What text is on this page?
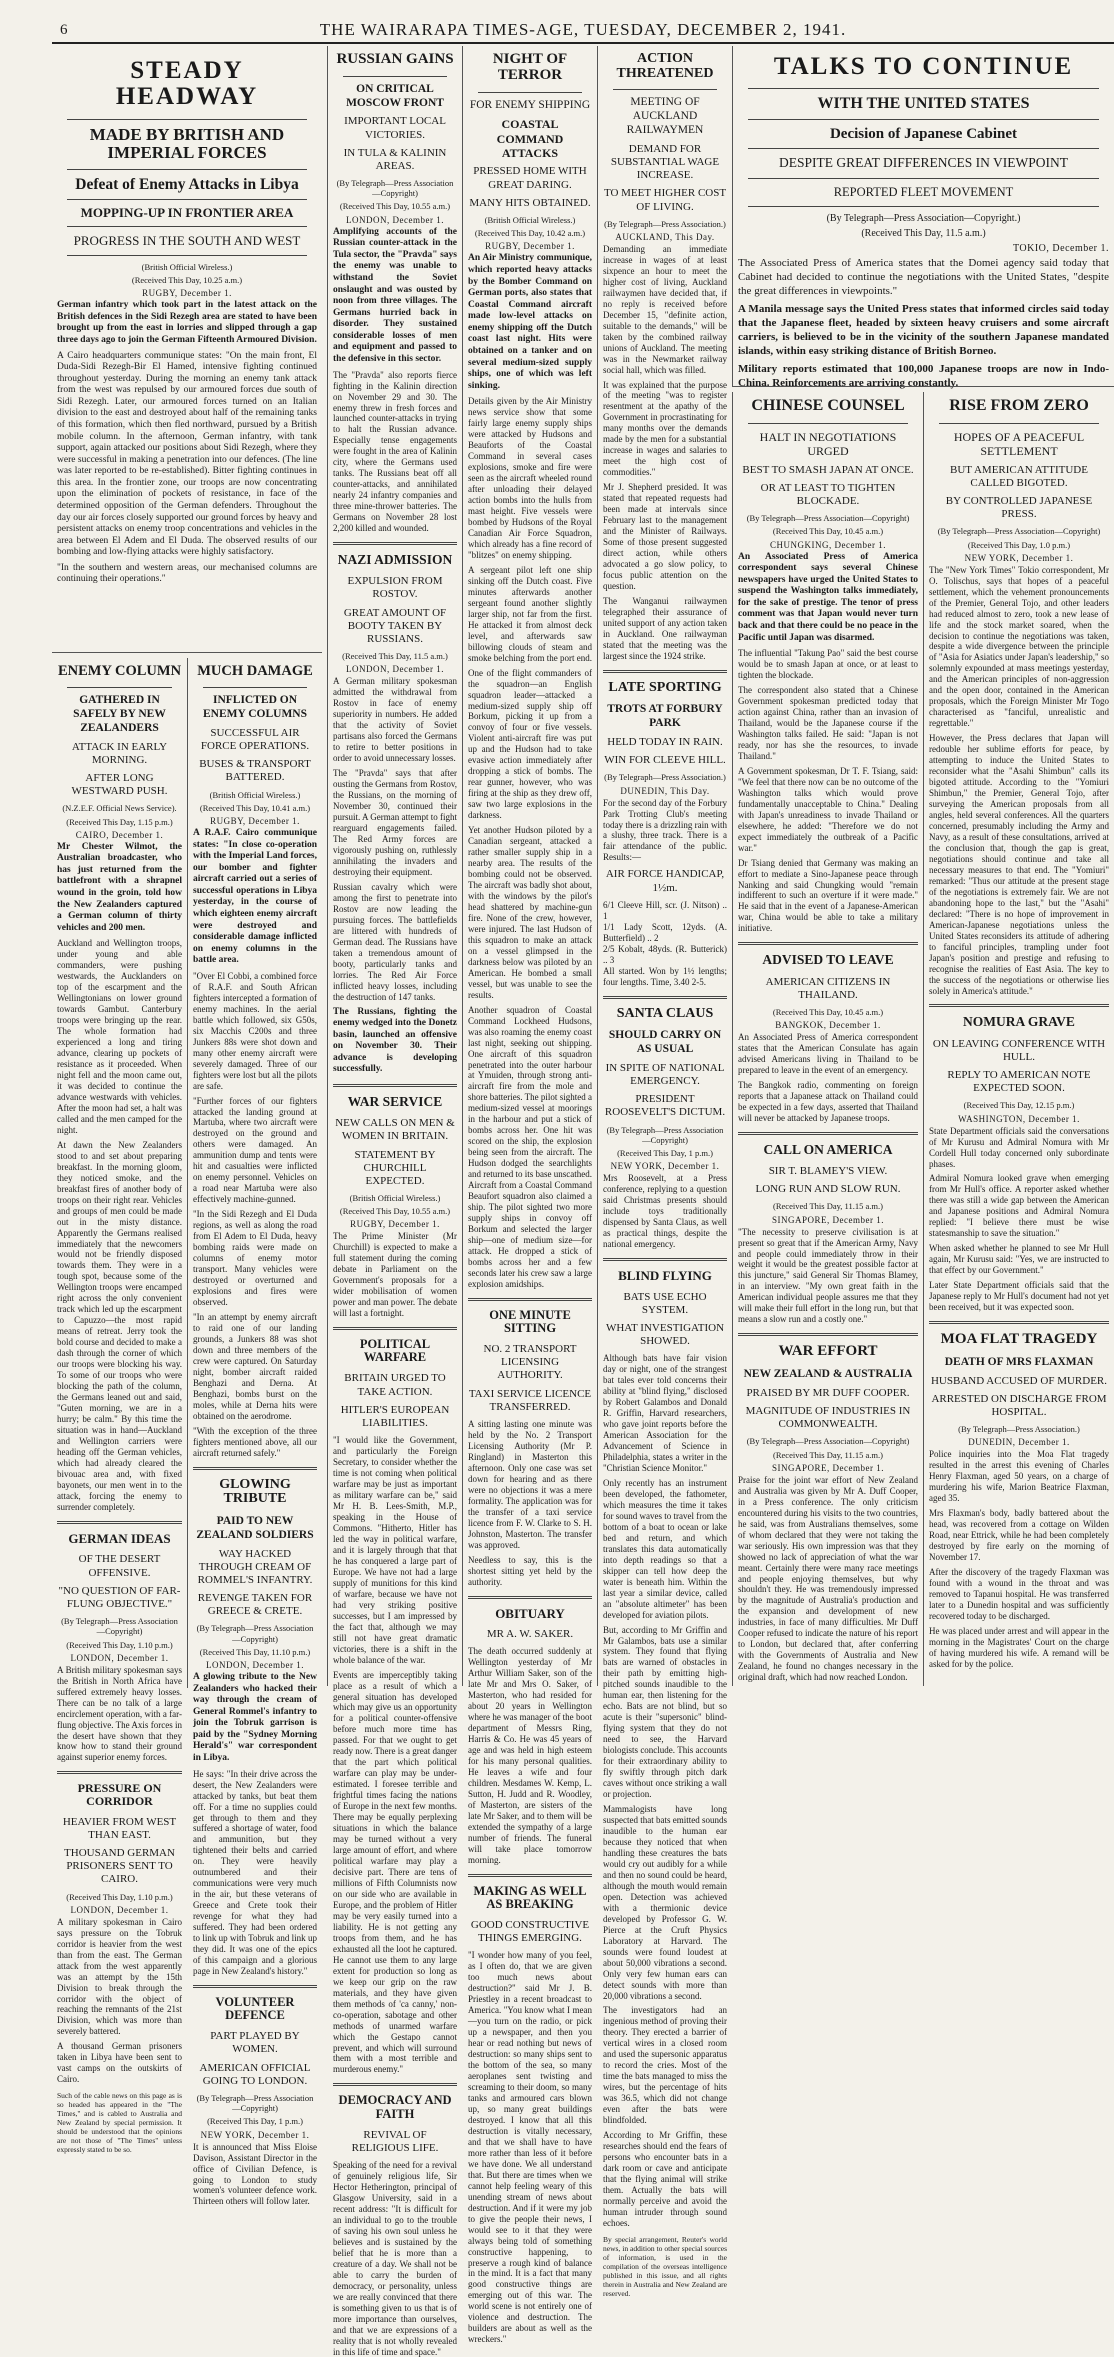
6	THE WAIRARAPA TIMES-AGE, TUESDAY, DECEMBER 2, 1941.
STEADY HEADWAY
MADE BY BRITISH AND IMPERIAL FORCES
Defeat of Enemy Attacks in Libya
MOPPING-UP IN FRONTIER AREA
PROGRESS IN THE SOUTH AND WEST
(British Official Wireless.)
(Received This Day, 10.25 a.m.)
RUGBY, December 1.

German infantry which took part in the latest attack on the British defences in the Sidi Rezegh area are stated to have been brought up from the east in lorries and slipped through a gap three days ago to join the German Fifteenth Armoured Division.

A Cairo headquarters communique states: "On the main front, El Duda-Sidi Rezegh-Bir El Hamed, intensive fighting continued throughout yesterday. During the morning an enemy tank attack from the west was repulsed by our armoured forces due south of Sidi Rezegh. Later, our armoured forces turned on an Italian division to the east and destroyed about half of the remaining tanks of this formation, which then fled northward, pursued by a British mobile column. In the afternoon, German infantry, with tank support, again attacked our positions about Sidi Rezegh, where they were successful in making a penetration into our defences. (The line was later reported to be re-established). Bitter fighting continues in this area. In the frontier zone, our troops are now concentrating upon the elimination of pockets of resistance, in face of the determined opposition of the German defenders. Throughout the day our air forces closely supported our ground forces by heavy and persistent attacks on enemy troop concentrations and vehicles in the area between El Adem and El Duda. The observed results of our bombing and low-flying attacks were highly satisfactory.

"In the southern and western areas, our mechanised columns are continuing their operations."

ENEMY COLUMN
GATHERED IN SAFELY BY NEW ZEALANDERS
ATTACK IN EARLY MORNING.
AFTER LONG WESTWARD PUSH.
(N.Z.E.F. Official News Service).
(Received This Day, 1.15 p.m.)
CAIRO, December 1.

Mr Chester Wilmot, the Australian broadcaster, who has just returned from the battlefront with a shrapnel wound in the groin, told how the New Zealanders captured a German column of thirty vehicles and 200 men.

Auckland and Wellington troops, under young and able commanders, were pushing westwards, the Aucklanders on top of the escarpment and the Wellingtonians on lower ground towards Gambut. Canterbury troops were bringing up the rear. The whole formation had experienced a long and tiring advance, clearing up pockets of resistance as it proceeded. When night fell and the moon came out, it was decided to continue the advance westwards with vehicles. After the moon had set, a halt was called and the men camped for the night.

At dawn the New Zealanders stood to and set about preparing breakfast. In the morning gloom, they noticed smoke, and the breakfast fires of another body of troops on their right rear. Vehicles and groups of men could be made out in the misty distance. Apparently the Germans realised immediately that the newcomers would not be friendly disposed towards them. They were in a tough spot, because some of the Wellington troops were encamped right across the only convenient track which led up the escarpment to Capuzzo—the most rapid means of retreat. Jerry took the bold course and decided to make a dash through the corner of which our troops were blocking his way. To some of our troops who were blocking the path of the column, the Germans leaned out and said, "Guten morning, we are in a hurry; be calm." By this time the situation was in hand—Auckland and Wellington carriers were heading off the German vehicles, which had already cleared the bivouac area and, with fixed bayonets, our men went in to the attack, forcing the enemy to surrender completely.

GERMAN IDEAS
OF THE DESERT OFFENSIVE.
"NO QUESTION OF FAR-FLUNG OBJECTIVE."
(By Telegraph—Press Association—Copyright)
(Received This Day, 1.10 p.m.)
LONDON, December 1.

A British military spokesman says the British in North Africa have suffered extremely heavy losses. There can be no talk of a large encirclement operation, with a far-flung objective. The Axis forces in the desert have shown that they know how to stand their ground against superior enemy forces.

PRESSURE ON CORRIDOR
HEAVIER FROM WEST THAN EAST.
THOUSAND GERMAN PRISONERS SENT TO CAIRO.
(Received This Day, 1.10 p.m.)
LONDON, December 1.

A military spokesman in Cairo says pressure on the Tobruk corridor is heavier from the west than from the east. The German attack from the west apparently was an attempt by the 15th Division to break through the corridor with the object of reaching the remnants of the 21st Division, which was more than severely battered.

A thousand German prisoners taken in Libya have been sent to vast camps on the outskirts of Cairo.

Such of the cable news on this page as is so headed has appeared in the "The Times," and is cabled to Australia and New Zealand by special permission. It should be understood that the opinions are not those of "The Times" unless expressly stated to be so.

MUCH DAMAGE
INFLICTED ON ENEMY COLUMNS
SUCCESSFUL AIR FORCE OPERATIONS.
BUSES & TRANSPORT BATTERED.
(British Official Wireless.)
(Received This Day, 10.41 a.m.)
RUGBY, December 1.

A R.A.F. Cairo communique states: "In close co-operation with the Imperial Land forces, our bomber and fighter aircraft carried out a series of successful operations in Libya yesterday, in the course of which eighteen enemy aircraft were destroyed and considerable damage inflicted on enemy columns in the battle area.

"Over El Cobbi, a combined force of R.A.F. and South African fighters intercepted a formation of enemy machines. In the aerial battle which followed, six G50s, six Macchis C200s and three Junkers 88s were shot down and many other enemy aircraft were severely damaged. Three of our fighters were lost but all the pilots are safe.

"Further forces of our fighters attacked the landing ground at Martuba, where two aircraft were destroyed on the ground and others were damaged. An ammunition dump and tents were hit and casualties were inflicted on enemy personnel. Vehicles on a road near Martuba were also effectively machine-gunned.

"In the Sidi Rezegh and El Duda regions, as well as along the road from El Adem to El Duda, heavy bombing raids were made on columns of enemy motor transport. Many vehicles were destroyed or overturned and explosions and fires were observed.

"In an attempt by enemy aircraft to raid one of our landing grounds, a Junkers 88 was shot down and three members of the crew were captured. On Saturday night, bomber aircraft raided Benghazi and Derna. At Benghazi, bombs burst on the moles, while at Derna hits were obtained on the aerodrome.

"With the exception of the three fighters mentioned above, all our aircraft returned safely."

GLOWING TRIBUTE
PAID TO NEW ZEALAND SOLDIERS
WAY HACKED THROUGH CREAM OF ROMMEL'S INFANTRY.
REVENGE TAKEN FOR GREECE & CRETE.
(By Telegraph—Press Association—Copyright)
(Received This Day, 11.10 p.m.)
LONDON, December 1.

A glowing tribute to the New Zealanders who hacked their way through the cream of General Rommel's infantry to join the Tobruk garrison is paid by the "Sydney Morning Herald's" war correspondent in Libya.

He says: "In their drive across the desert, the New Zealanders were attacked by tanks, but beat them off. For a time no supplies could get through to them and they suffered a shortage of water, food and ammunition, but they tightened their belts and carried on. They were heavily outnumbered and their communications were very much in the air, but these veterans of Greece and Crete took their revenge for what they had suffered. They had been ordered to link up with Tobruk and link up they did. It was one of the epics of this campaign and a glorious page in New Zealand's history."

VOLUNTEER DEFENCE
PART PLAYED BY WOMEN.
AMERICAN OFFICIAL GOING TO LONDON.
(By Telegraph—Press Association—Copyright)
(Received This Day, 1 p.m.)
NEW YORK, December 1.

It is announced that Miss Eloise Davison, Assistant Director in the office of Civilian Defence, is going to London to study women's volunteer defence work. Thirteen others will follow later.

RUSSIAN GAINS
ON CRITICAL MOSCOW FRONT
IMPORTANT LOCAL VICTORIES.
IN TULA & KALININ AREAS.
(By Telegraph—Press Association—Copyright)
(Received This Day, 10.55 a.m.)
LONDON, December 1.

Amplifying accounts of the Russian counter-attack in the Tula sector, the "Pravda" says the enemy was unable to withstand the Soviet onslaught and was ousted by noon from three villages. The Germans hurried back in disorder. They sustained considerable losses of men and equipment and passed to the defensive in this sector.

The "Pravda" also reports fierce fighting in the Kalinin direction on November 29 and 30. The enemy threw in fresh forces and launched counter-attacks in trying to halt the Russian advance. Especially tense engagements were fought in the area of Kalinin city, where the Germans used tanks. The Russians beat off all counter-attacks, and annihilated nearly 24 infantry companies and three mine-thrower batteries. The Germans on November 28 lost 2,200 killed and wounded.

NAZI ADMISSION
EXPULSION FROM ROSTOV.
GREAT AMOUNT OF BOOTY TAKEN BY RUSSIANS.
(Received This Day, 11.5 a.m.)
LONDON, December 1.

A German military spokesman admitted the withdrawal from Rostov in face of enemy superiority in numbers. He added that the activity of Soviet partisans also forced the Germans to retire to better positions in order to avoid unnecessary losses.

The "Pravda" says that after ousting the Germans from Rostov, the Russians, on the morning of November 30, continued their pursuit. A German attempt to fight rearguard engagements failed. The Red Army forces are vigorously pushing on, ruthlessly annihilating the invaders and destroying their equipment.

Russian cavalry which were among the first to penetrate into Rostov are now leading the pursuing forces. The battlefields are littered with hundreds of German dead. The Russians have taken a tremendous amount of booty, particularly tanks and lorries. The Red Air Force inflicted heavy losses, including the destruction of 147 tanks.

The Russians, fighting the enemy wedged into the Donetz basin, launched an offensive on November 30. Their advance is developing successfully.

WAR SERVICE
NEW CALLS ON MEN & WOMEN IN BRITAIN.
STATEMENT BY CHURCHILL EXPECTED.
(British Official Wireless.)
(Received This Day, 10.55 a.m.)
RUGBY, December 1.

The Prime Minister (Mr Churchill) is expected to make a full statement during the coming debate in Parliament on the Government's proposals for a wider mobilisation of women power and man power. The debate will last a fortnight.

POLITICAL WARFARE
BRITAIN URGED TO TAKE ACTION.
HITLER'S EUROPEAN LIABILITIES.

"I would like the Government, and particularly the Foreign Secretary, to consider whether the time is not coming when political warfare may be just as important as military warfare can be," said Mr H. B. Lees-Smith, M.P., speaking in the House of Commons. "Hitherto, Hitler has led the way in political warfare, and it is largely through that that he has conquered a large part of Europe. We have not had a large supply of munitions for this kind of warfare, because we have not had very striking positive successes, but I am impressed by the fact that, although we may still not have great dramatic victories, there is a shift in the whole balance of the war.

Events are imperceptibly taking place as a result of which a general situation has developed which may give us an opportunity for a political counter-offensive before much more time has passed. For that we ought to get ready now. There is a great danger that the part which political warfare can play may be under-estimated. I foresee terrible and frightful times facing the nations of Europe in the next few months. There may be equally perplexing situations in which the balance may be turned without a very large amount of effort, and where political warfare may play a decisive part. There are tens of millions of Fifth Columnists now on our side who are available in Europe, and the problem of Hitler may be very easily turned into a liability. He is not getting any troops from them, and he has exhausted all the loot he captured. He cannot use them to any large extent for production so long as we keep our grip on the raw materials, and they have given them methods of 'ca canny,' non-co-operation, sabotage and other methods of unarmed warfare which the Gestapo cannot prevent, and which will surround them with a most terrible and murderous enemy."

DEMOCRACY AND FAITH
REVIVAL OF RELIGIOUS LIFE.

Speaking of the need for a revival of genuinely religious life, Sir Hector Hetherington, principal of Glasgow University, said in a recent address: "It is difficult for an individual to go to the trouble of saving his own soul unless he believes and is sustained by the belief that he is more than a creature of a day. We shall not be able to carry the burden of democracy, or personality, unless we are really convinced that there is something given to us that is of more importance than ourselves, and that we are expressions of a reality that is not wholly revealed in this life of time and space."

NIGHT OF TERROR
FOR ENEMY SHIPPING
COASTAL COMMAND ATTACKS
PRESSED HOME WITH GREAT DARING.
MANY HITS OBTAINED.
(British Official Wireless.)
(Received This Day, 10.42 a.m.)
RUGBY, December 1.

An Air Ministry communique, which reported heavy attacks by the Bomber Command on German ports, also states that Coastal Command aircraft made low-level attacks on enemy shipping off the Dutch coast last night. Hits were obtained on a tanker and on several medium-sized supply ships, one of which was left sinking.

Details given by the Air Ministry news service show that some fairly large enemy supply ships were attacked by Hudsons and Beauforts of the Coastal Command in several cases explosions, smoke and fire were seen as the aircraft wheeled round after unloading their delayed action bombs into the hulls from mast height. Five vessels were bombed by Hudsons of the Royal Canadian Air Force Squadron, which already has a fine record of "blitzes" on enemy shipping.

A sergeant pilot left one ship sinking off the Dutch coast. Five minutes afterwards another sergeant found another slightly larger ship, not far from the first. He attacked it from almost deck level, and afterwards saw billowing clouds of steam and smoke belching from the port end.

One of the flight commanders of the squadron—an English squadron leader—attacked a medium-sized supply ship off Borkum, picking it up from a convoy of four or five vessels. Violent anti-aircraft fire was put up and the Hudson had to take evasive action immediately after dropping a stick of bombs. The rear gunner, however, who was firing at the ship as they drew off, saw two large explosions in the darkness.

Yet another Hudson piloted by a Canadian sergeant, attacked a rather smaller supply ship in a nearby area. The results of the bombing could not be observed. The aircraft was badly shot about, with the windows by the pilot's head shattered by machine-gun fire. None of the crew, however, were injured. The last Hudson of this squadron to make an attack on a vessel glimpsed in the darkness below was piloted by an American. He bombed a small vessel, but was unable to see the results.

Another squadron of Coastal Command Lockheed Hudsons, was also roaming the enemy coast last night, seeking out shipping. One aircraft of this squadron penetrated into the outer harbour at Ymuiden, through strong anti-aircraft fire from the mole and shore batteries. The pilot sighted a medium-sized vessel at moorings in the harbour and put a stick of bombs across her. One hit was scored on the ship, the explosion being seen from the aircraft. The Hudson dodged the searchlights and returned to its base unscathed. Aircraft from a Coastal Command Beaufort squadron also claimed a ship. The pilot sighted two more supply ships in convoy off Borkum and selected the larger ship—one of medium size—for attack. He dropped a stick of bombs across her and a few seconds later his crew saw a large explosion amidships.

ONE MINUTE SITTING
NO. 2 TRANSPORT LICENSING AUTHORITY.
TAXI SERVICE LICENCE TRANSFERRED.

A sitting lasting one minute was held by the No. 2 Transport Licensing Authority (Mr P. Ringland) in Masterton this afternoon. Only one case was set down for hearing and as there were no objections it was a mere formality. The application was for the transfer of a taxi service licence from F. W. Clarke to S. H. Johnston, Masterton. The transfer was approved.

Needless to say, this is the shortest sitting yet held by the authority.

OBITUARY
MR A. W. SAKER.

The death occurred suddenly at Wellington yesterday of Mr Arthur William Saker, son of the late Mr and Mrs O. Saker, of Masterton, who had resided for about 20 years in Wellington where he was manager of the boot department of Messrs Ring, Harris & Co. He was 45 years of age and was held in high esteem for his many personal qualities. He leaves a wife and four children. Mesdames W. Kemp, L. Sutton, H. Judd and R. Woodley, of Masterton, are sisters of the late Mr Saker, and to them will be extended the sympathy of a large number of friends. The funeral will take place tomorrow morning.

MAKING AS WELL AS BREAKING
GOOD CONSTRUCTIVE THINGS EMERGING.

"I wonder how many of you feel, as I often do, that we are given too much news about destruction?" said Mr J. B. Priestley in a recent broadcast to America. "You know what I mean—you turn on the radio, or pick up a newspaper, and then you hear or read nothing but news of destruction: so many ships sent to the bottom of the sea, so many aeroplanes sent twisting and screaming to their doom, so many tanks and armoured cars blown up, so many great buildings destroyed. I know that all this destruction is vitally necessary, and that we shall have to have more rather than less of it before we have done. We all understand that. But there are times when we cannot help feeling weary of this unending stream of news about destruction. And if it were my job to give the people their news, I would see to it that they were always being told of something constructive happening, to preserve a rough kind of balance in the mind. It is a fact that many good constructive things are emerging out of this war. The world scene is not entirely one of violence and destruction. The builders are about as well as the wreckers."

ACTION THREATENED
MEETING OF AUCKLAND RAILWAYMEN
DEMAND FOR SUBSTANTIAL WAGE INCREASE.
TO MEET HIGHER COST OF LIVING.
(By Telegraph—Press Association.)
AUCKLAND, This Day.

Demanding an immediate increase in wages of at least sixpence an hour to meet the higher cost of living, Auckland railwaymen have decided that, if no reply is received before December 15, "definite action, suitable to the demands," will be taken by the combined railway unions of Auckland. The meeting was in the Newmarket railway social hall, which was filled.

It was explained that the purpose of the meeting "was to register resentment at the apathy of the Government in procrastinating for many months over the demands made by the men for a substantial increase in wages and salaries to meet the high cost of commodities."

Mr J. Shepherd presided. It was stated that repeated requests had been made at intervals since February last to the management and the Minister of Railways. Some of those present suggested direct action, while others advocated a go slow policy, to focus public attention on the question.

The Wanganui railwaymen telegraphed their assurance of united support of any action taken in Auckland. One railwayman stated that the meeting was the largest since the 1924 strike.

LATE SPORTING
TROTS AT FORBURY PARK
HELD TODAY IN RAIN.
WIN FOR CLEEVE HILL.
(By Telegraph—Press Association.)
DUNEDIN, This Day.

For the second day of the Forbury Park Trotting Club's meeting today there is a drizzling rain with a slushy, three track. There is a fair attendance of the public. Results:—

AIR FORCE HANDICAP, 1½m.

6/1 Cleeve Hill, scr. (J. Nitson) .. 1

1/1 Lady Scott, 12yds. (A. Butterfield) .. 2

2/5 Kobalt, 48yds. (R. Butterick) .. 3

All started. Won by 1½ lengths; four lengths. Time, 3.40 2-5.

SANTA CLAUS
SHOULD CARRY ON AS USUAL
IN SPITE OF NATIONAL EMERGENCY.
PRESIDENT ROOSEVELT'S DICTUM.
(By Telegraph—Press Association—Copyright)
(Received This Day, 1 p.m.)
NEW YORK, December 1.

Mrs Roosevelt, at a Press conference, replying to a question said Christmas presents should include toys traditionally dispensed by Santa Claus, as well as practical things, despite the national emergency.

BLIND FLYING
BATS USE ECHO SYSTEM.
WHAT INVESTIGATION SHOWED.

Although bats have fair vision day or night, one of the strangest bat tales ever told concerns their ability at "blind flying," disclosed by Robert Galambos and Donald R. Griffin, Harvard researchers, who gave joint reports before the American Association for the Advancement of Science in Philadelphia, states a writer in the "Christian Science Monitor."

Only recently has an instrument been developed, the fathometer, which measures the time it takes for sound waves to travel from the bottom of a boat to ocean or lake bed and return, and which translates this data automatically into depth readings so that a skipper can tell how deep the water is beneath him. Within the last year a similar device, called an "absolute altimeter" has been developed for aviation pilots.

But, according to Mr Griffin and Mr Galambos, bats use a similar system. They found that flying bats are warned of obstacles in their path by emitting high-pitched sounds inaudible to the human ear, then listening for the echo. Bats are not blind, but so acute is their "supersonic" blind-flying system that they do not need to see, the Harvard biologists conclude. This accounts for their extraordinary ability to fly swiftly through pitch dark caves without once striking a wall or projection.

Mammalogists have long suspected that bats emitted sounds inaudible to the human ear because they noticed that when handling these creatures the bats would cry out audibly for a while and then no sound could be heard, although the mouth would remain open. Detection was achieved with a thermionic device developed by Professor G. W. Pierce at the Cruft Physics Laboratory at Harvard. The sounds were found loudest at about 50,000 vibrations a second. Only very few human ears can detect sounds with more than 20,000 vibrations a second.

The investigators had an ingenious method of proving their theory. They erected a barrier of vertical wires in a closed room and used the supersonic apparatus to record the cries. Most of the time the bats managed to miss the wires, but the percentage of hits was 36.5, which did not change even after the bats were blindfolded.

According to Mr Griffin, these researches should end the fears of persons who encounter bats in a dark room or cave and anticipate that the flying animal will strike them. Actually the bats will normally perceive and avoid the human intruder through sound echoes.

By special arrangement, Reuter's world news, in addition to other special sources of information, is used in the compilation of the overseas intelligence published in this issue, and all rights therein in Australia and New Zealand are reserved.

TALKS TO CONTINUE
WITH THE UNITED STATES
Decision of Japanese Cabinet
DESPITE GREAT DIFFERENCES IN VIEWPOINT
REPORTED FLEET MOVEMENT
(By Telegraph—Press Association—Copyright.)
(Received This Day, 11.5 a.m.)
TOKIO, December 1.

The Associated Press of America states that the Domei agency said today that Cabinet had decided to continue the negotiations with the United States, "despite the great differences in viewpoints."

A Manila message says the United Press states that informed circles said today that the Japanese fleet, headed by sixteen heavy cruisers and some aircraft carriers, is believed to be in the vicinity of the southern Japanese mandated islands, within easy striking distance of British Borneo.

Military reports estimated that 100,000 Japanese troops are now in Indo-China. Reinforcements are arriving constantly.

CHINESE COUNSEL
HALT IN NEGOTIATIONS URGED
BEST TO SMASH JAPAN AT ONCE.
OR AT LEAST TO TIGHTEN BLOCKADE.
(By Telegraph—Press Association—Copyright)
(Received This Day, 10.45 a.m.)
CHUNGKING, December 1.

An Associated Press of America correspondent says several Chinese newspapers have urged the United States to suspend the Washington talks immediately, for the sake of prestige. The tenor of press comment was that Japan would never turn back and that there could be no peace in the Pacific until Japan was disarmed.

The influential "Takung Pao" said the best course would be to smash Japan at once, or at least to tighten the blockade.

The correspondent also stated that a Chinese Government spokesman predicted today that action against China, rather than an invasion of Thailand, would be the Japanese course if the Washington talks failed. He said: "Japan is not ready, nor has she the resources, to invade Thailand."

A Government spokesman, Dr T. F. Tsiang, said: "We feel that there now can be no outcome of the Washington talks which would prove fundamentally unacceptable to China." Dealing with Japan's unreadiness to invade Thailand or elsewhere, he added: "Therefore we do not expect immediately the outbreak of a Pacific war."

Dr Tsiang denied that Germany was making an effort to mediate a Sino-Japanese peace through Nanking and said Chungking would "remain indifferent to such an overture if it were made." He said that in the event of a Japanese-American war, China would be able to take a military initiative.

ADVISED TO LEAVE
AMERICAN CITIZENS IN THAILAND.
(Received This Day, 10.45 a.m.)
BANGKOK, December 1.

An Associated Press of America correspondent states that the American Consulate has again advised Americans living in Thailand to be prepared to leave in the event of an emergency.

The Bangkok radio, commenting on foreign reports that a Japanese attack on Thailand could be expected in a few days, asserted that Thailand will never be attacked by Japanese troops.

CALL ON AMERICA
SIR T. BLAMEY'S VIEW.
LONG RUN AND SLOW RUN.
(Received This Day, 11.15 a.m.)
SINGAPORE, December 1.

"The necessity to preserve civilisation is at present so great that if the American Army, Navy and people could immediately throw in their weight it would be the greatest possible factor at this juncture," said General Sir Thomas Blamey, in an interview. "My own great faith in the American individual people assures me that they will make their full effort in the long run, but that means a slow run and a costly one."

WAR EFFORT
NEW ZEALAND & AUSTRALIA
PRAISED BY MR DUFF COOPER.
MAGNITUDE OF INDUSTRIES IN COMMONWEALTH.
(By Telegraph—Press Association—Copyright)
(Received This Day, 11.15 a.m.)
SINGAPORE, December 1.

Praise for the joint war effort of New Zealand and Australia was given by Mr A. Duff Cooper, in a Press conference. The only criticism encountered during his visits to the two countries, he said, was from Australians themselves, some of whom declared that they were not taking the war seriously. His own impression was that they showed no lack of appreciation of what the war meant. Certainly there were many race meetings and people enjoying themselves, but why shouldn't they. He was tremendously impressed by the magnitude of Australia's production and the expansion and development of new industries, in face of many difficulties. Mr Duff Cooper refused to indicate the nature of his report to London, but declared that, after conferring with the Governments of Australia and New Zealand, he found no changes necessary in the original draft, which had now reached London.

RISE FROM ZERO
HOPES OF A PEACEFUL SETTLEMENT
BUT AMERICAN ATTITUDE CALLED BIGOTED.
BY CONTROLLED JAPANESE PRESS.
(By Telegraph—Press Association—Copyright)
(Received This Day, 1.0 p.m.)
NEW YORK, December 1.

The "New York Times" Tokio correspondent, Mr O. Tolischus, says that hopes of a peaceful settlement, which the vehement pronouncements of the Premier, General Tojo, and other leaders had reduced almost to zero, took a new lease of life and the stock market soared, when the decision to continue the negotiations was taken, despite a wide divergence between the principle of "Asia for Asiatics under Japan's leadership," so solemnly expounded at mass meetings yesterday, and the American principles of non-aggression and the open door, contained in the American proposals, which the Foreign Minister Mr Togo characterised as "fanciful, unrealistic and regrettable."

However, the Press declares that Japan will redouble her sublime efforts for peace, by attempting to induce the United States to reconsider what the "Asahi Shimbun" calls its bigoted attitude. According to the "Yomiuri Shimbun," the Premier, General Tojo, after surveying the American proposals from all angles, held several conferences. All the quarters concerned, presumably including the Army and Navy, as a result of these consultations, arrived at the conclusion that, though the gap is great, negotiations should continue and take all necessary measures to that end. The "Yomiuri" remarked: "Thus our attitude at the present stage of the negotiations is extremely fair. We are not abandoning hope to the last," but the "Asahi" declared: "There is no hope of improvement in American-Japanese negotiations unless the United States reconsiders its attitude of adhering to fanciful principles, trampling under foot Japan's position and prestige and refusing to recognise the realities of East Asia. The key to the success of the negotiations or otherwise lies solely in America's attitude."

NOMURA GRAVE
ON LEAVING CONFERENCE WITH HULL.
REPLY TO AMERICAN NOTE EXPECTED SOON.
(Received This Day, 12.15 p.m.)
WASHINGTON, December 1.

State Department officials said the conversations of Mr Kurusu and Admiral Nomura with Mr Cordell Hull today concerned only subordinate phases.

Admiral Nomura looked grave when emerging from Mr Hull's office. A reporter asked whether there was still a wide gap between the American and Japanese positions and Admiral Nomura replied: "I believe there must be wise statesmanship to save the situation."

When asked whether he planned to see Mr Hull again, Mr Kurusu said: "Yes, we are instructed to that effect by our Government."

Later State Department officials said that the Japanese reply to Mr Hull's document had not yet been received, but it was expected soon.

MOA FLAT TRAGEDY
DEATH OF MRS FLAXMAN
HUSBAND ACCUSED OF MURDER.
ARRESTED ON DISCHARGE FROM HOSPITAL.
(By Telegraph—Press Association.)
DUNEDIN, December 1.

Police inquiries into the Moa Flat tragedy resulted in the arrest this evening of Charles Henry Flaxman, aged 50 years, on a charge of murdering his wife, Marion Beatrice Flaxman, aged 35.

Mrs Flaxman's body, badly battered about the head, was recovered from a cottage on Wilden Road, near Ettrick, while he had been completely destroyed by fire early on the morning of November 17.

After the discovery of the tragedy Flaxman was found with a wound in the throat and was removed to Tapanui hospital. He was transferred later to a Dunedin hospital and was sufficiently recovered today to be discharged.

He was placed under arrest and will appear in the morning in the Magistrates' Court on the charge of having murdered his wife. A remand will be asked for by the police.
